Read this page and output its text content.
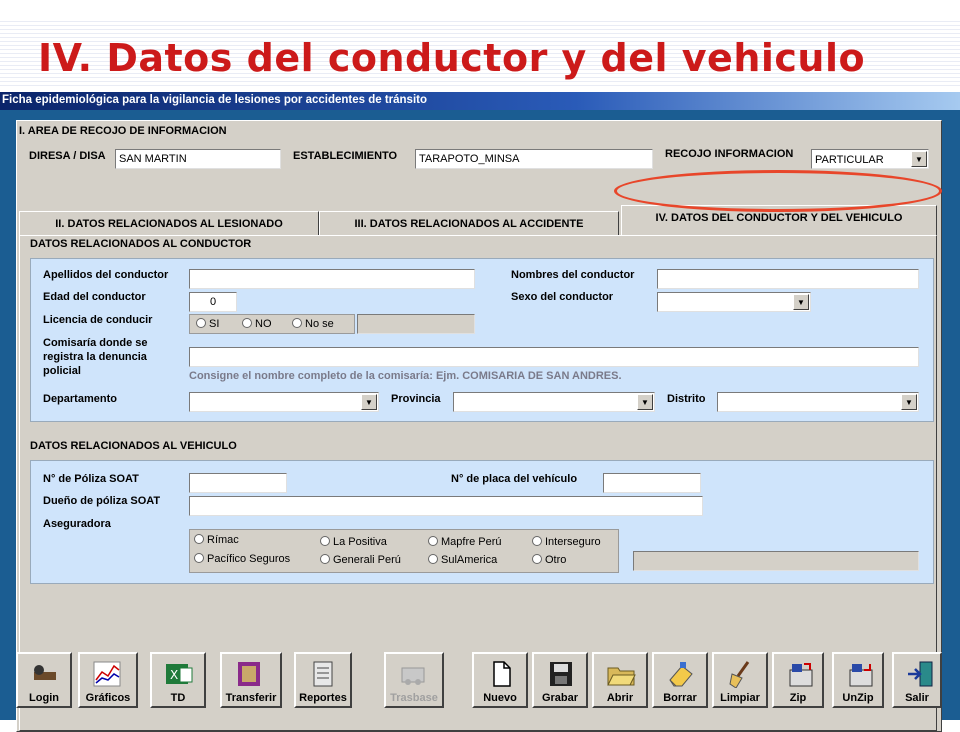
IV. Datos del conductor y del vehiculo
Ficha epidemiológica para la vigilancia de lesiones por accidentes de tránsito
I. AREA DE RECOJO DE INFORMACION
DIRESA / DISA	SAN MARTIN	ESTABLECIMIENTO	TARAPOTO_MINSA	RECOJO INFORMACION	PARTICULAR	▼
II. DATOS RELACIONADOS AL LESIONADO	III. DATOS RELACIONADOS AL ACCIDENTE	IV. DATOS DEL CONDUCTOR Y DEL VEHICULO
DATOS RELACIONADOS AL CONDUCTOR
Apellidos del conductor	Nombres del conductor
Edad del conductor	0	Sexo del conductor	▼
Licencia de conducir	SI	NO	No se
Comisaría donde se
registra la denuncia
policial	Consigne el nombre completo de la comisaría: Ejm. COMISARIA DE SAN ANDRES.
Departamento	▼	Provincia	▼	Distrito	▼
DATOS RELACIONADOS AL VEHICULO
N° de Póliza SOAT	N° de placa del vehículo
Dueño de póliza SOAT
Aseguradora
Rímac	La Positiva	Mapfre Perú	Interseguro
Pacífico Seguros	Generali Perú	SulAmerica	Otro
Login	Gráficos
X
TD	Transferir	Reportes	Trasbase	Nuevo	Grabar	Abrir	Borrar	Limpiar	Zip	UnZip	Salir
